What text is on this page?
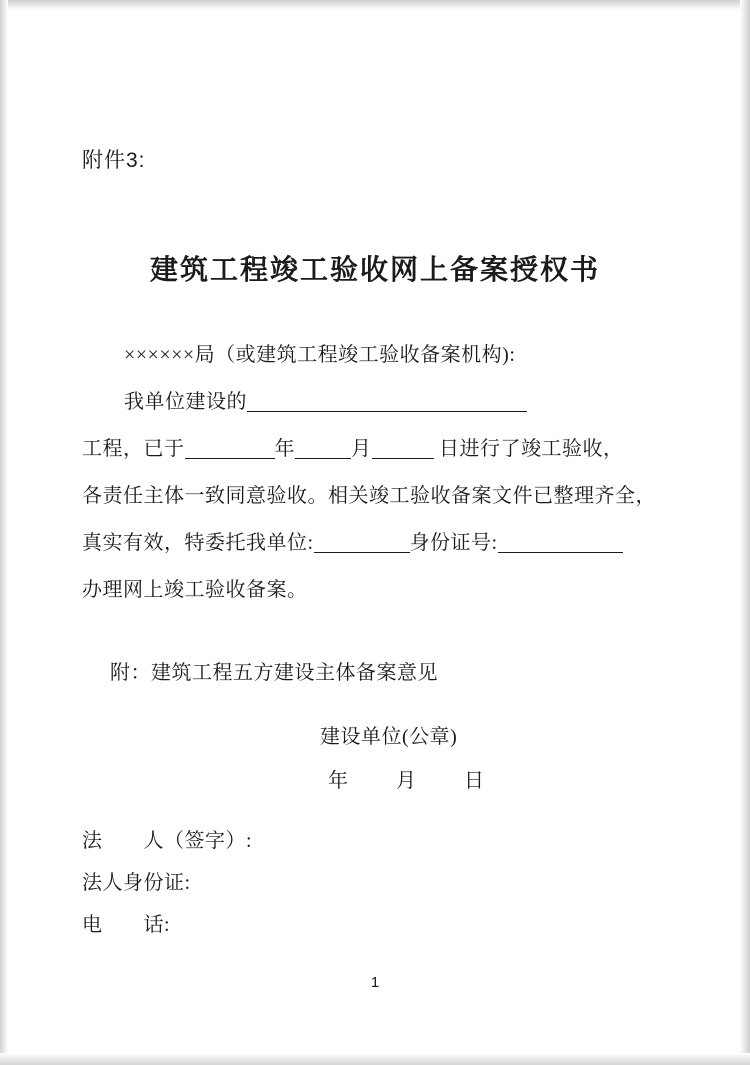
附件3:
建筑工程竣工验收网上备案授权书

××××××局（或建筑工程竣工验收备案机构):

我单位建设的

工程，已于	年	月	日进行了竣工验收，

各责任主体一致同意验收。相关竣工验收备案文件已整理齐全，

真实有效，特委托我单位:	身份证号:

办理网上竣工验收备案。

附：建筑工程五方建设主体备案意见
建设单位(公章)
年　月　日
法　　人（签字）:
法人身份证:
电　　话:
1
